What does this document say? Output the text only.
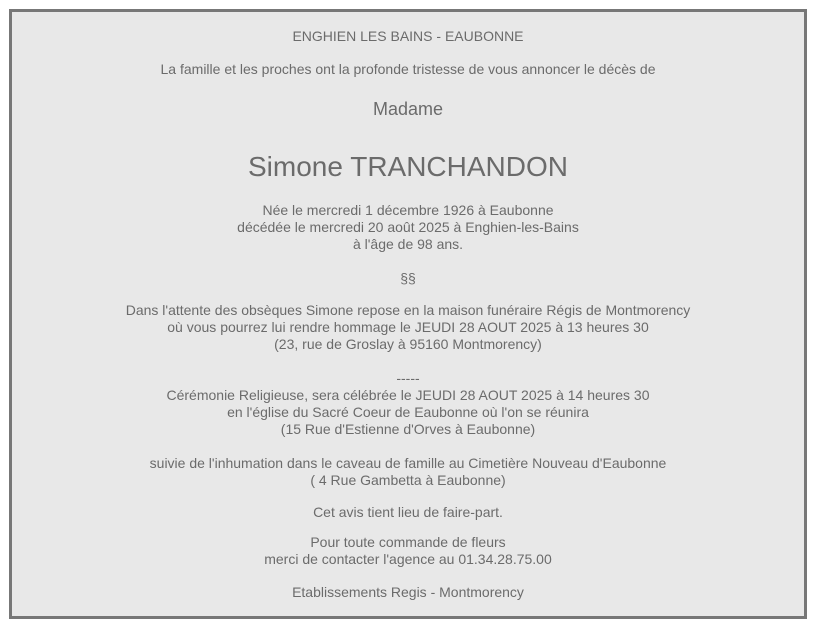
ENGHIEN LES BAINS - EAUBONNE
La famille et les proches ont la profonde tristesse de vous annoncer le décès de
Madame
Simone TRANCHANDON
Née le mercredi 1 décembre 1926 à Eaubonne
décédée le mercredi 20 août 2025 à Enghien-les-Bains
à l'âge de 98 ans.
§§
Dans l'attente des obsèques Simone repose en la maison funéraire Régis de Montmorency
où vous pourrez lui rendre hommage le JEUDI 28 AOUT 2025 à 13 heures 30
(23, rue de Groslay à 95160 Montmorency)
-----
Cérémonie Religieuse, sera célébrée le JEUDI 28 AOUT 2025 à 14 heures 30
en l'église du Sacré Coeur de Eaubonne où l'on se réunira
(15 Rue d'Estienne d'Orves à Eaubonne)
suivie de l'inhumation dans le caveau de famille au Cimetière Nouveau d'Eaubonne
( 4 Rue Gambetta à Eaubonne)
Cet avis tient lieu de faire-part.
Pour toute commande de fleurs
merci de contacter l'agence au 01.34.28.75.00
Etablissements Regis - Montmorency
